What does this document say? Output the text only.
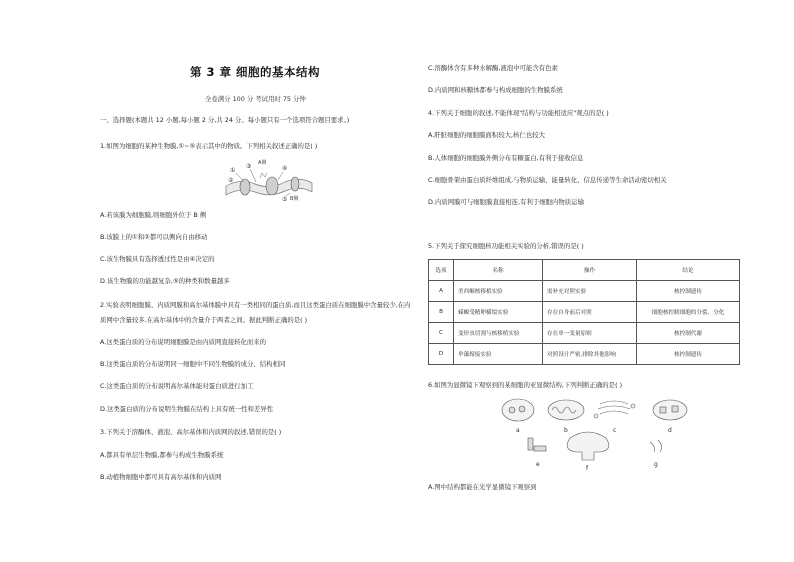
第 3 章 细胞的基本结构
全卷满分 100 分 考试用时 75 分钟
一、选择题(本题共 12 小题,每小题 2 分,共 24 分。每小题只有一个选项符合题目要求。)
1.如图为细胞的某种生物膜,①~⑤表示其中的物质。下列相关叙述正确的是( )
①
②
③	④
⑤
A侧
B侧
A.若该膜为细胞膜,则细胞外位于 B 侧
B.该膜上的①和②都可以侧向自由移动
C.该生物膜具有选择透过性是由④决定的
D.该生物膜的功能越复杂,⑤的种类和数量越多
2.实验表明细胞膜、内质网膜和高尔基体膜中具有一类相同的蛋白质,而且这类蛋白质在细胞膜中含量较少,在内
质网中含量较多,在高尔基体中的含量介于两者之间。据此判断正确的是( )
A.这类蛋白质的分布说明细胞膜是由内质网直接转化而来的
B.这类蛋白质的分布说明同一细胞中不同生物膜的成分、结构相同
C.这类蛋白质的分布说明高尔基体能对蛋白质进行加工
D.这类蛋白质的分布说明生物膜在结构上具有统一性和差异性
3.下列关于溶酶体、液泡、高尔基体和内质网的叙述,错误的是( )
A.都具有单层生物膜,都参与构成生物膜系统
B.动植物细胞中都可具有高尔基体和内质网
C.溶酶体含有多种水解酶,液泡中可能含有色素
D.内质网和核糖体都参与构成细胞的生物膜系统
4.下列关于细胞的叙述,不能体现"结构与功能相适应"观点的是( )
A.肝脏细胞的细胞膜面积较大,核仁也较大
B.人体细胞的细胞膜外侧分布有糖蛋白,有利于接收信息
C.细胞骨架由蛋白质纤维组成,与物质运输、能量转化、信息传递等生命活动密切相关
D.内质网膜可与细胞膜直接相连,有利于细胞内物质运输
5.下列关于探究细胞核功能相关实验的分析,错误的是( )
选项	名称	操作	结论
A	美西螈核移植实验	需补充对照实验	核控制遗传
B	蝾螈受精卵横缢实验	存在自身前后对照	细胞核控制细胞的分裂、分化
C	变形虫切割与核移植实验	存在单一变量原则	核控制代谢
D	伞藻嫁接实验	对照设计严密,排除其他影响	核控制遗传
6.如图为显微镜下观察到的某细胞的亚显微结构,下列判断正确的是( )
a	b	c	d
e
f
g
A.图中结构都能在光学显微镜下观察到
